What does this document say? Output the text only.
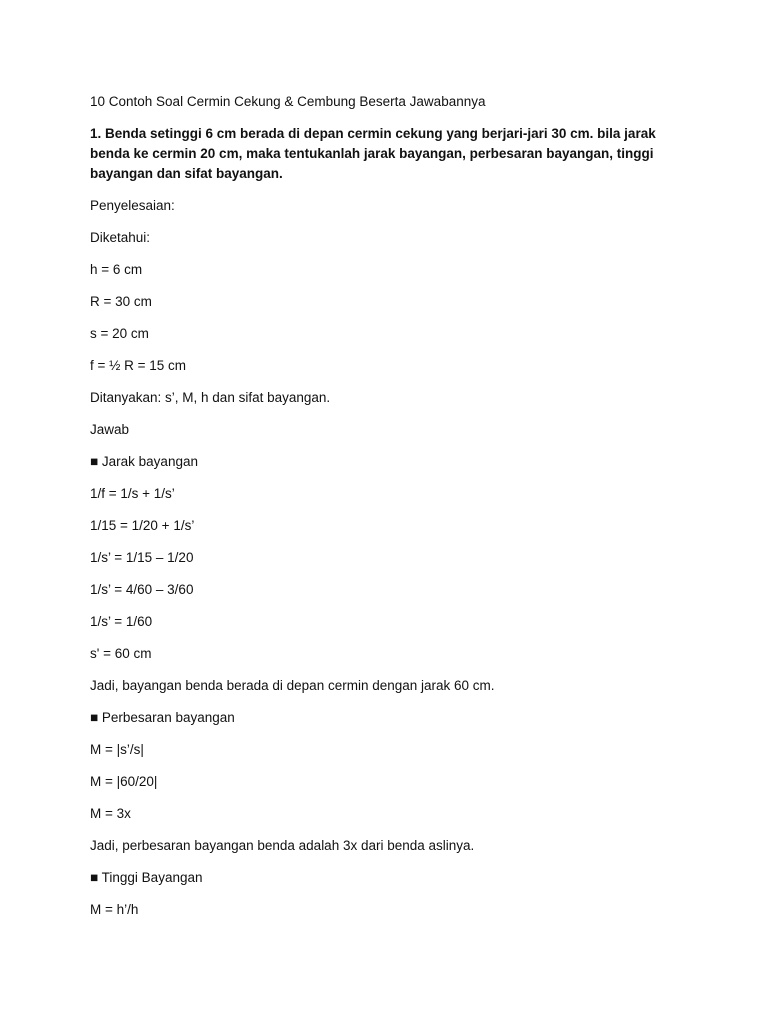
10 Contoh Soal Cermin Cekung & Cembung Beserta Jawabannya

1. Benda setinggi 6 cm berada di depan cermin cekung yang berjari-jari 30 cm. bila jarak benda ke cermin 20 cm, maka tentukanlah jarak bayangan, perbesaran bayangan, tinggi bayangan dan sifat bayangan.

Penyelesaian:

Diketahui:

h = 6 cm

R = 30 cm

s = 20 cm

f = ½ R = 15 cm

Ditanyakan: s’, M, h dan sifat bayangan.

Jawab

■ Jarak bayangan

1/f = 1/s + 1/s’

1/15 = 1/20 + 1/s’

1/s’ = 1/15 – 1/20

1/s’ = 4/60 – 3/60

1/s’ = 1/60

s' = 60 cm

Jadi, bayangan benda berada di depan cermin dengan jarak 60 cm.

■ Perbesaran bayangan

M = |s’/s|

M = |60/20|

M = 3x

Jadi, perbesaran bayangan benda adalah 3x dari benda aslinya.

■ Tinggi Bayangan

M = h’/h
